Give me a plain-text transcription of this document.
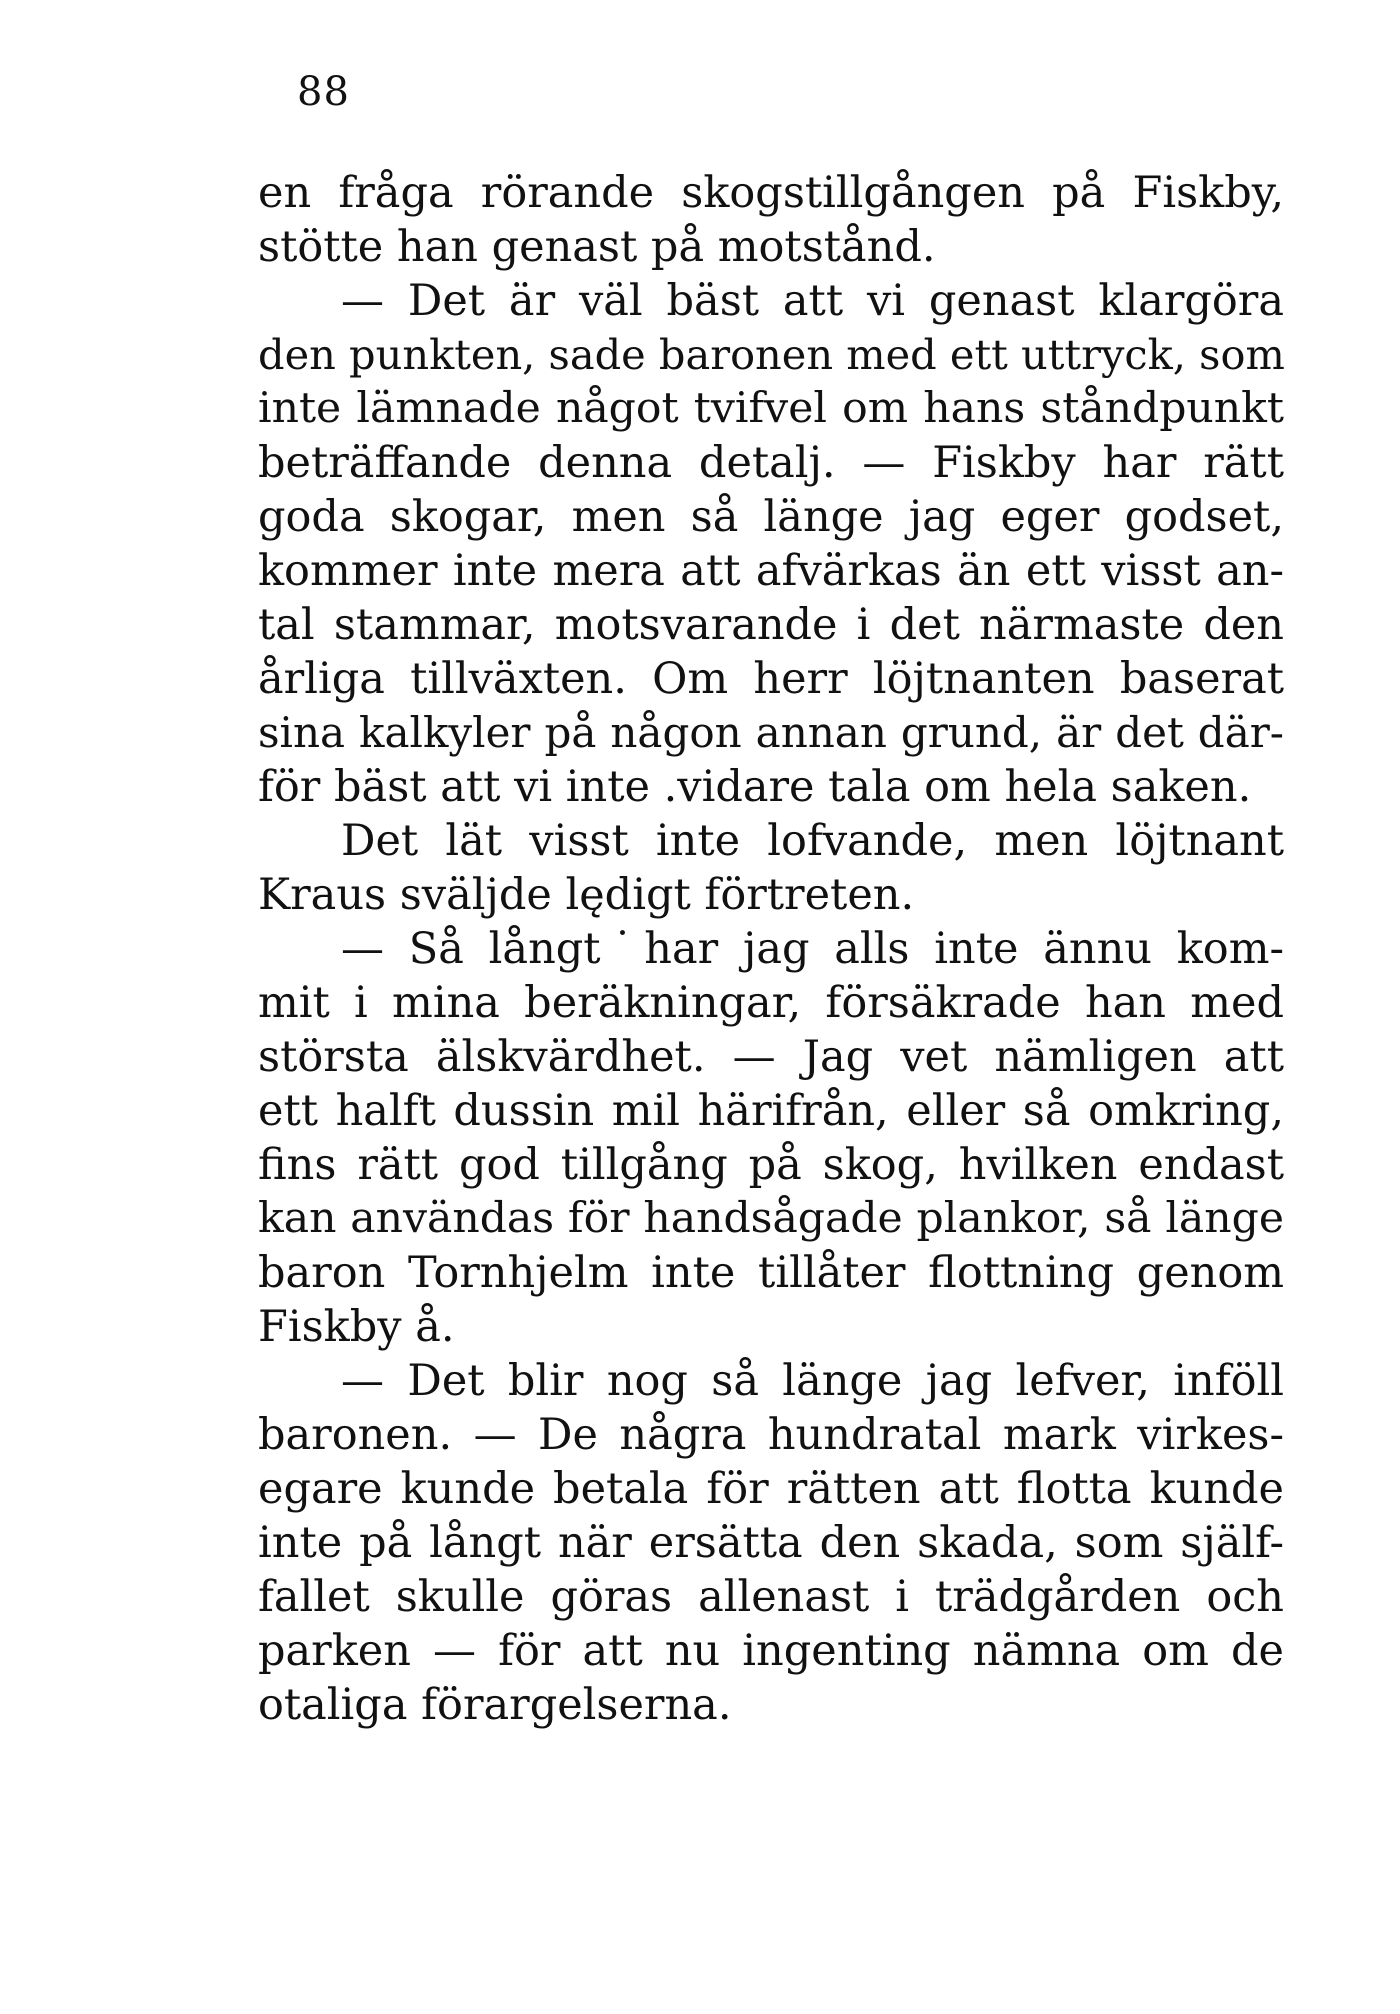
88
en fråga rörande skogstillgången på Fiskby,
stötte han genast på motstånd.
— Det är väl bäst att vi genast klargöra
den punkten, sade baronen med ett uttryck, som
inte lämnade något tvifvel om hans ståndpunkt
beträffande denna detalj. — Fiskby har rätt
goda skogar, men så länge jag eger godset,
kommer inte mera att afvärkas än ett visst an-
tal stammar, motsvarande i det närmaste den
årliga tillväxten. Om herr löjtnanten baserat
sina kalkyler på någon annan grund, är det där-
för bäst att vi inte .vidare tala om hela saken.
Det lät visst inte lofvande, men löjtnant
Kraus sväljde lędigt förtreten.
— Så långt˙har jag alls inte ännu kom-
mit i mina beräkningar, försäkrade han med
största älskvärdhet. — Jag vet nämligen att
ett halft dussin mil härifrån, eller så omkring,
fins rätt god tillgång på skog, hvilken endast
kan användas för handsågade plankor, så länge
baron Tornhjelm inte tillåter flottning genom
Fiskby å.
— Det blir nog så länge jag lefver, inföll
baronen. — De några hundratal mark virkes-
egare kunde betala för rätten att flotta kunde
inte på långt när ersätta den skada, som själf-
fallet skulle göras allenast i trädgården och
parken — för att nu ingenting nämna om de
otaliga förargelserna.
